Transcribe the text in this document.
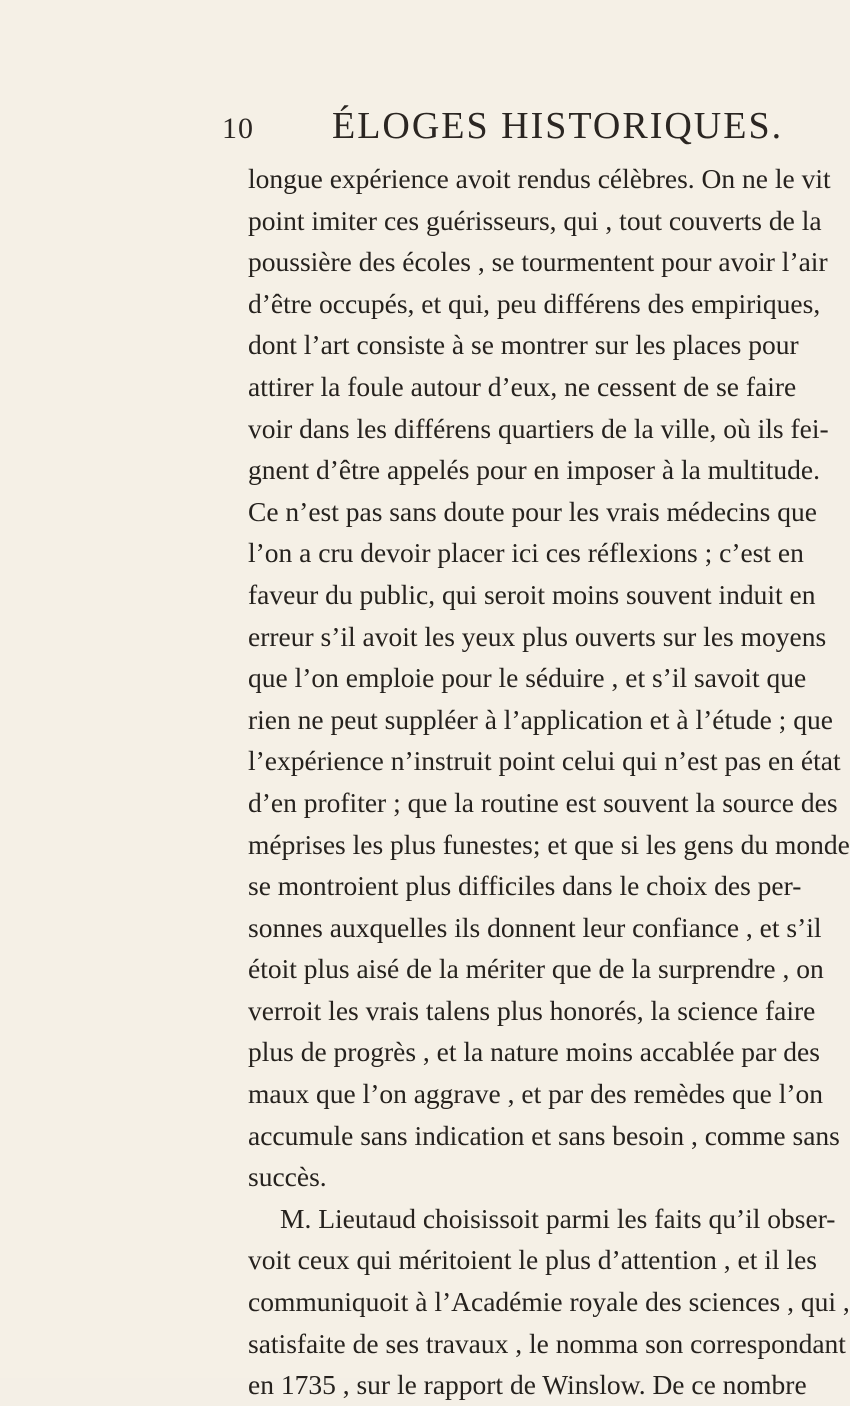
10 ÉLOGES HISTORIQUES.
longue expérience avoit rendus célèbres. On ne le vit
point imiter ces guérisseurs, qui , tout couverts de la
poussière des écoles , se tourmentent pour avoir l’air
d’être occupés, et qui, peu différens des empiriques,
dont l’art consiste à se montrer sur les places pour
attirer la foule autour d’eux, ne cessent de se faire
voir dans les différens quartiers de la ville, où ils fei-
gnent d’être appelés pour en imposer à la multitude.
Ce n’est pas sans doute pour les vrais médecins que
l’on a cru devoir placer ici ces réflexions ; c’est en
faveur du public, qui seroit moins souvent induit en
erreur s’il avoit les yeux plus ouverts sur les moyens
que l’on emploie pour le séduire , et s’il savoit que
rien ne peut suppléer à l’application et à l’étude ; que
l’expérience n’instruit point celui qui n’est pas en état
d’en profiter ; que la routine est souvent la source des
méprises les plus funestes; et que si les gens du monde
se montroient plus difficiles dans le choix des per-
sonnes auxquelles ils donnent leur confiance , et s’il
étoit plus aisé de la mériter que de la surprendre , on
verroit les vrais talens plus honorés, la science faire
plus de progrès , et la nature moins accablée par des
maux que l’on aggrave , et par des remèdes que l’on
accumule sans indication et sans besoin , comme sans
succès.
M. Lieutaud choisissoit parmi les faits qu’il obser-
voit ceux qui méritoient le plus d’attention , et il les
communiquoit à l’Académie royale des sciences , qui ,
satisfaite de ses travaux , le nomma son correspondant
en 1735 , sur le rapport de Winslow. De ce nombre
